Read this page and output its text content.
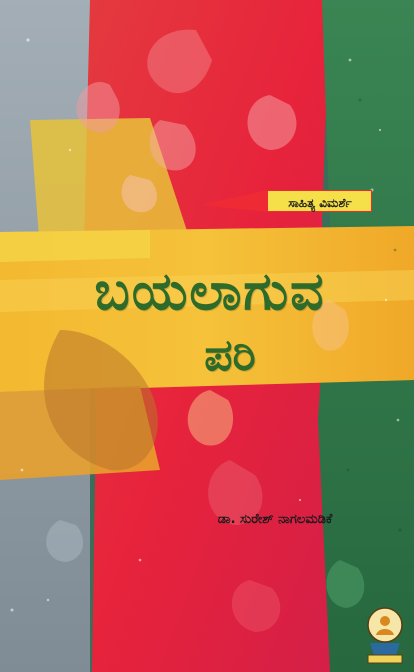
ಸಾಹಿತ್ಯ ವಿಮರ್ಶೆ
ಬಯಲಾಗುವ
ಪರಿ
ಡಾ. ಸುರೇಶ್ ನಾಗಲಮಡಿಕೆ
